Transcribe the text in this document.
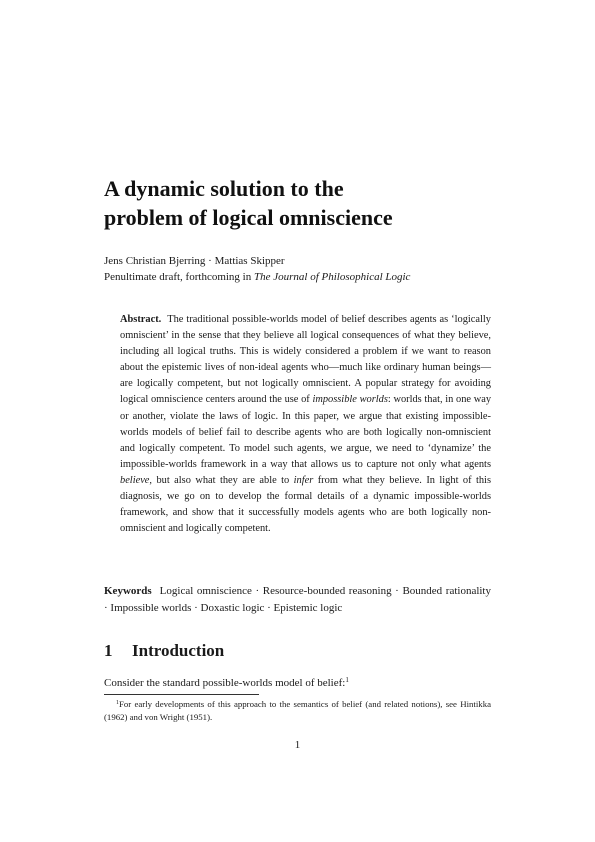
A dynamic solution to the
problem of logical omniscience
Jens Christian Bjerring · Mattias Skipper
Penultimate draft, forthcoming in The Journal of Philosophical Logic

Abstract. The traditional possible-worlds model of belief describes agents as ‘logically omniscient’ in the sense that they believe all logical consequences of what they believe, including all logical truths. This is widely considered a problem if we want to reason about the epistemic lives of non-ideal agents who—much like ordinary human beings—are logically competent, but not logically omniscient. A popular strategy for avoiding logical omniscience centers around the use of impossible worlds: worlds that, in one way or another, violate the laws of logic. In this paper, we argue that existing impossible-worlds models of belief fail to describe agents who are both logically non-omniscient and logically competent. To model such agents, we argue, we need to ‘dynamize’ the impossible-worlds framework in a way that allows us to capture not only what agents believe, but also what they are able to infer from what they believe. In light of this diagnosis, we go on to develop the formal details of a dynamic impossible-worlds framework, and show that it successfully models agents who are both logically non-omniscient and logically competent.

Keywords Logical omniscience · Resource-bounded reasoning · Bounded rationality · Impossible worlds · Doxastic logic · Epistemic logic

1 Introduction

Consider the standard possible-worlds model of belief:$^1$

$^1$For early developments of this approach to the semantics of belief (and related notions), see Hintikka (1962) and von Wright (1951).

1
